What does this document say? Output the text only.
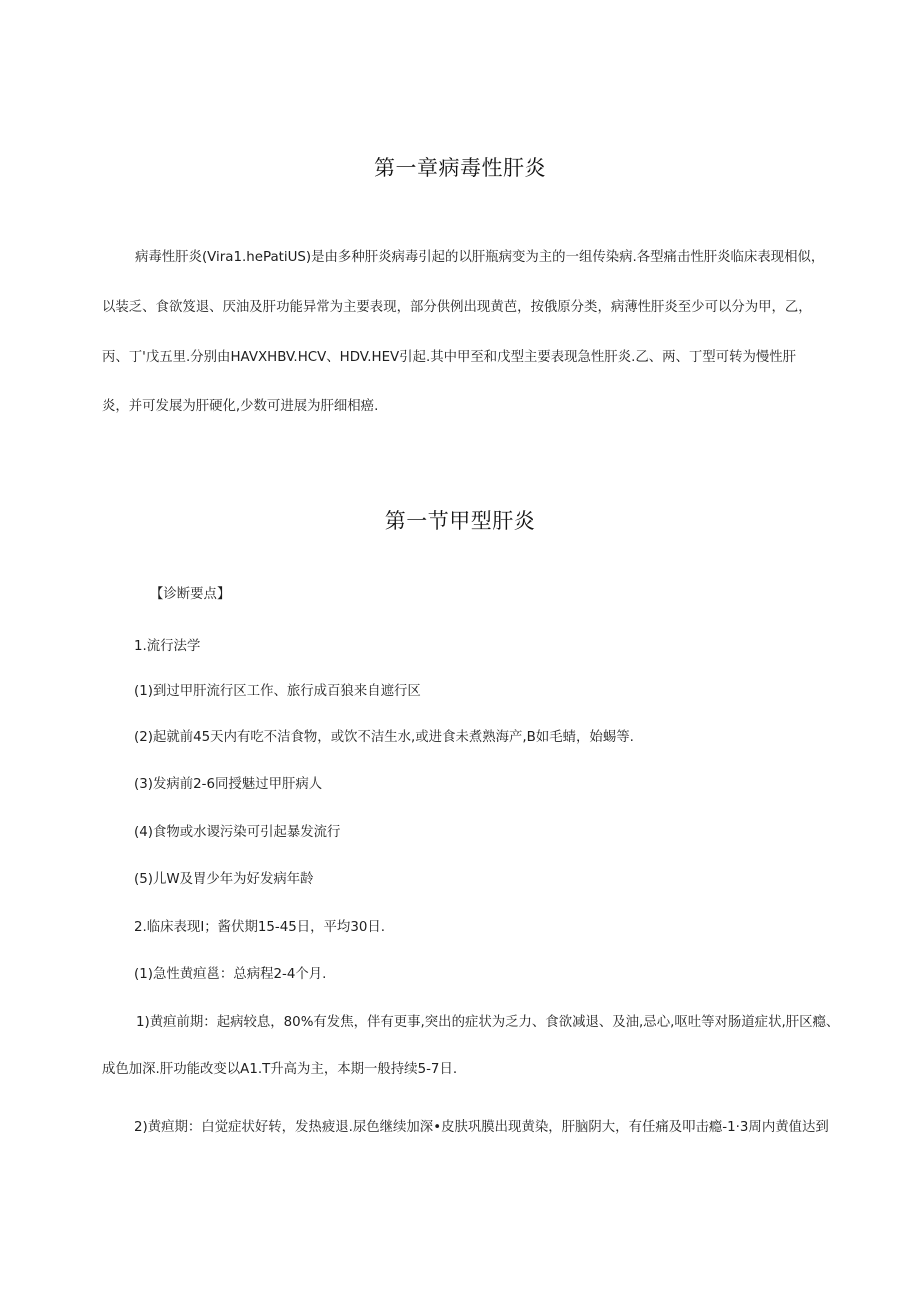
第一章病毒性肝炎
病毒性肝炎(Vira1.hePatiUS)是由多种肝炎病毒引起的以肝瓶病变为主的一组传染病.各型痛击性肝炎临床表现相似，
以装乏、食欲笈退、厌油及肝功能异常为主要表现，部分供例出现黄芭，按俄原分类，病薄性肝炎至少可以分为甲，乙，
丙、丁'戊五里.分别由HAVXHBV.HCV、HDV.HEV引起.其中甲至和戊型主要表现急性肝炎.乙、两、丁型可转为慢性肝
炎，并可发展为肝硬化,少数可进展为肝细相癌.
第一节甲型肝炎
【诊断要点】
1.流行法学
(1)到过甲肝流行区工作、旅行成百狼来自遮行区
(2)起就前45天内有吃不洁食物，或饮不洁生水,或进食未煮熟海产,B如毛蜻，始蜴等.
(3)发病前2-6同授魅过甲肝病人
(4)食物或水谡污染可引起暴发流行
(5)儿W及胃少年为好发病年龄
2.临床表现I；酱伏期15-45日，平均30日.
(1)急性黄疸邕：总病程2-4个月.
1)黄疸前期：起病较息，80%有发焦，伴有更事,突出的症状为乏力、食欲减退、及油,忌心,呕吐等对肠道症状,肝区瘾、
成色加深.肝功能改变以A1.T升高为主，本期一般持续5-7日.
2)黄疸期：白觉症状好转，发热疲退.尿色继续加深•皮肤巩膜出现黄染，肝脑阴大，有任痛及叩击瘾-1·3周内黄值达到
